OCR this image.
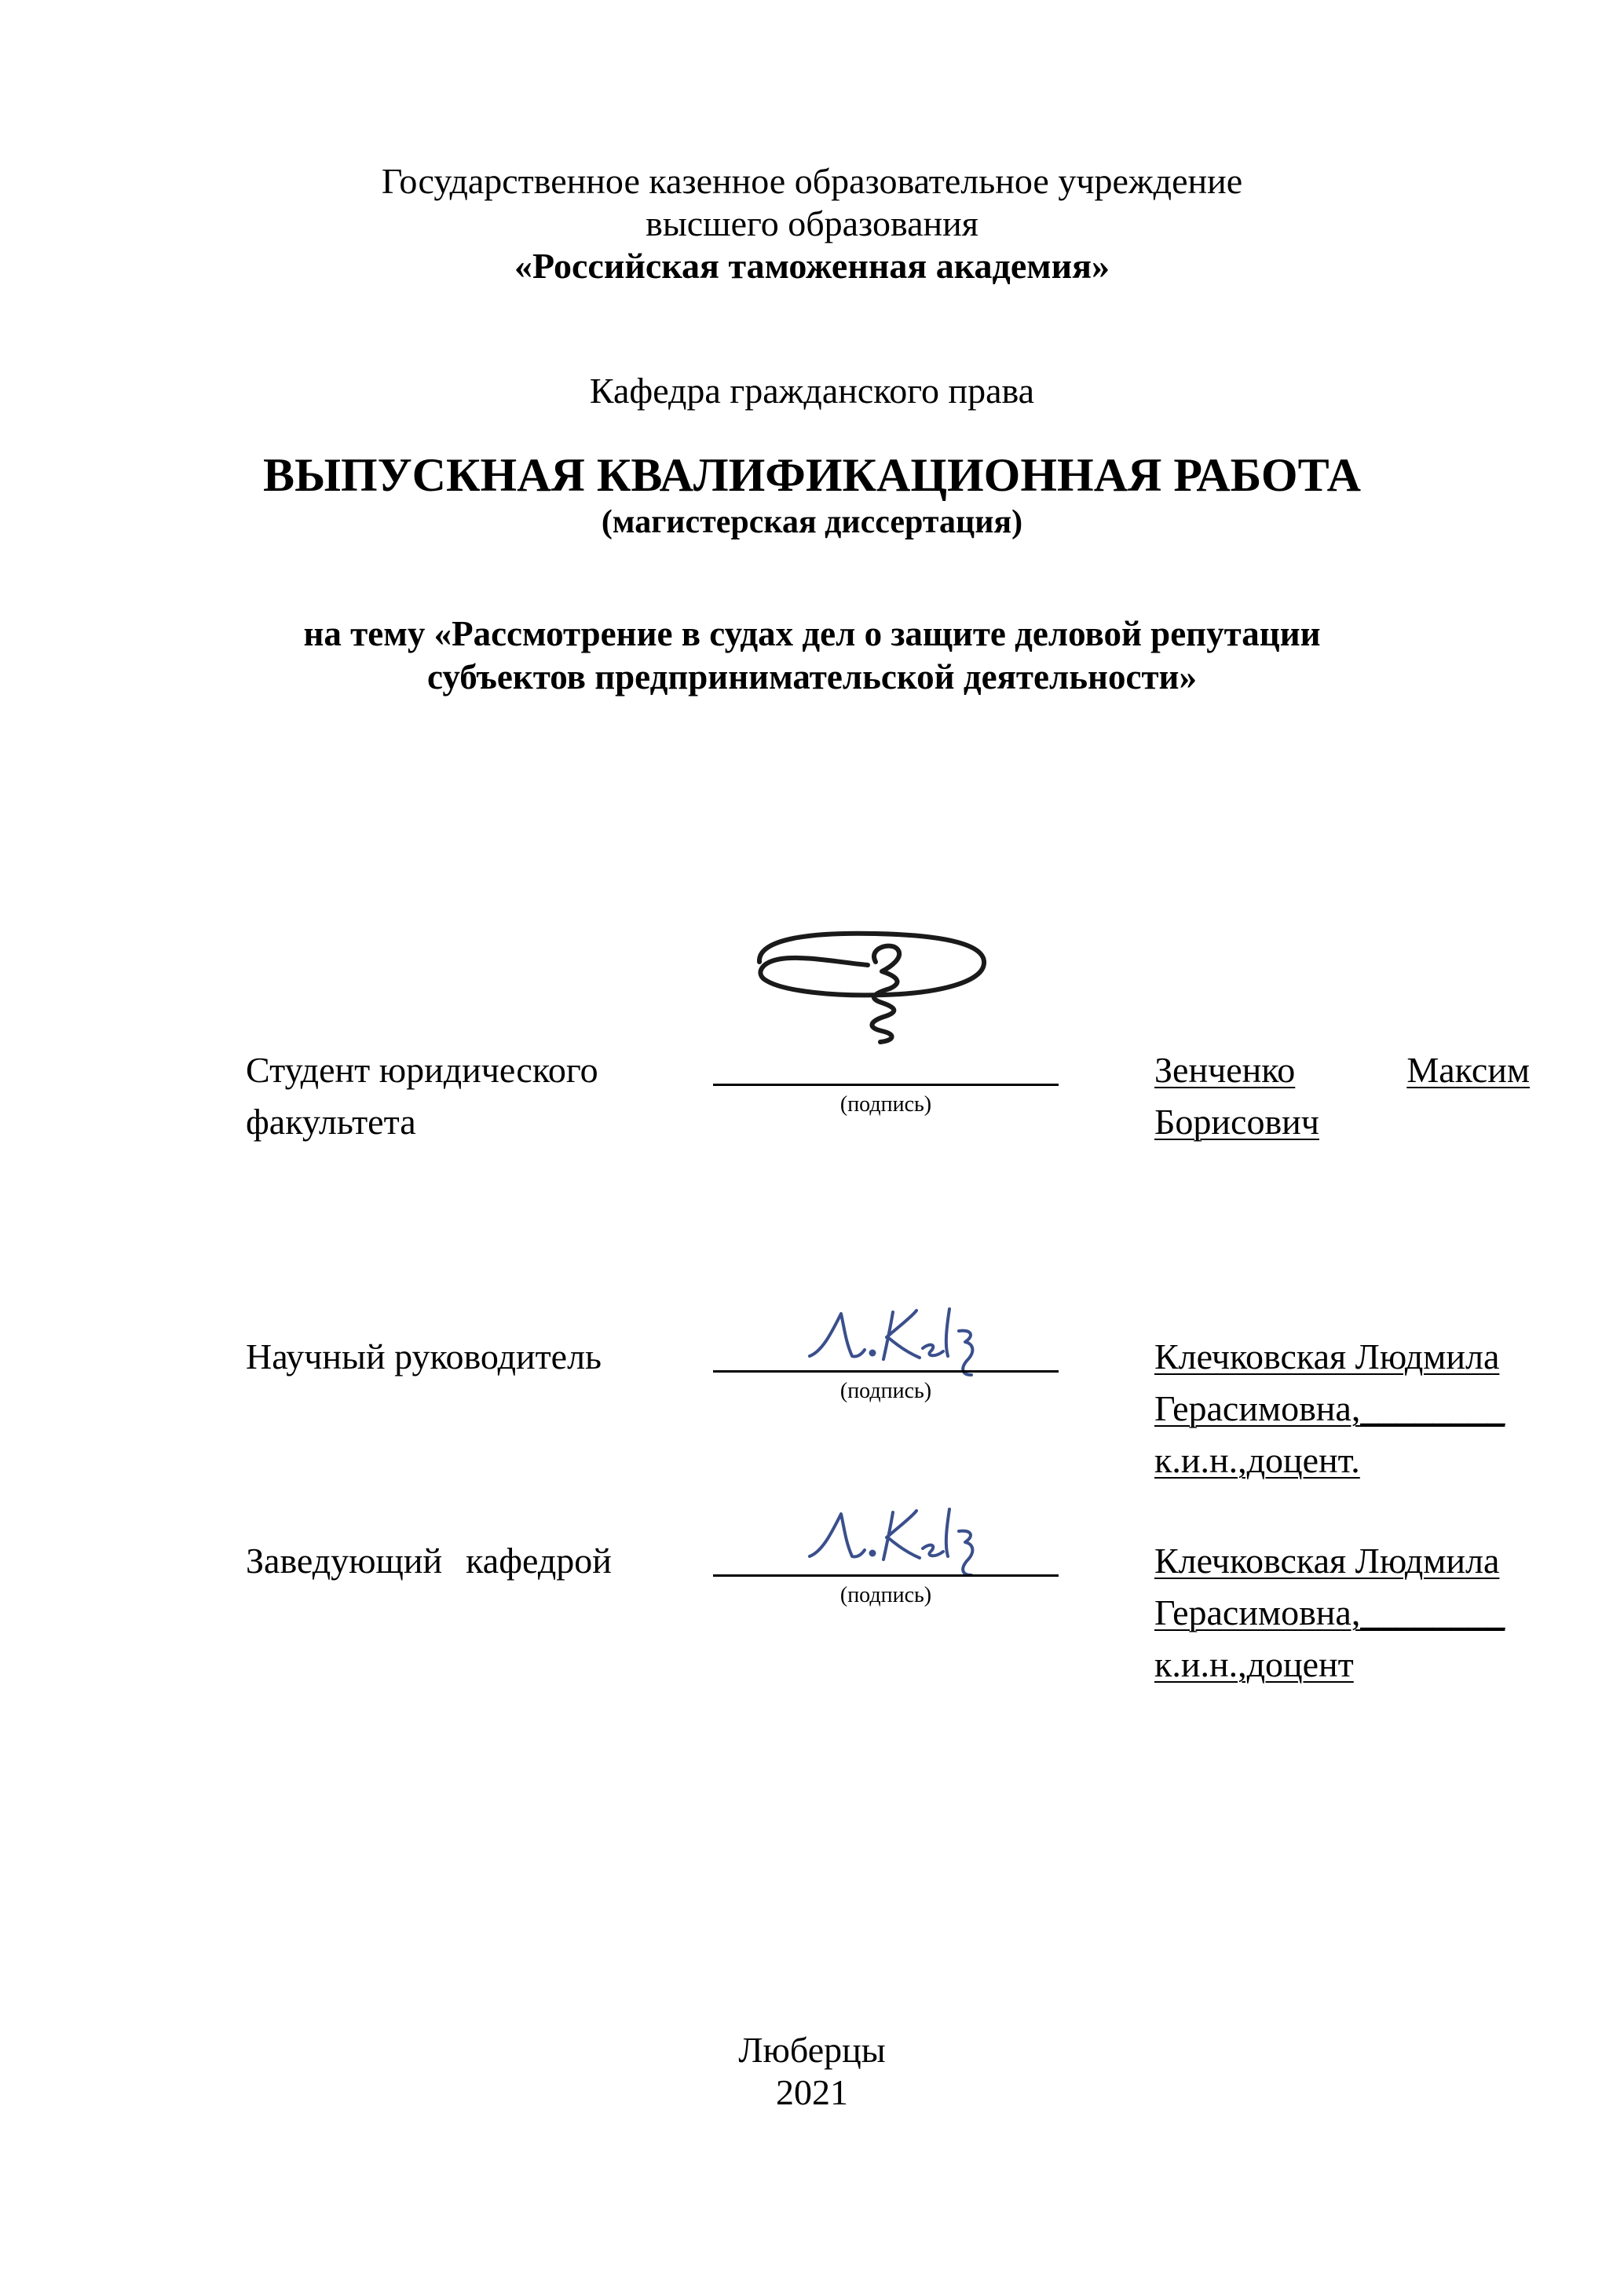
Государственное казенное образовательное учреждение
высшего образования
«Российская таможенная академия»
Кафедра гражданского права
ВЫПУСКНАЯ КВАЛИФИКАЦИОННАЯ РАБОТА
(магистерская диссертация)
на тему «Рассмотрение в судах дел о защите деловой репутации
субъектов предпринимательской деятельности»
Студент юридического
факультета	(подпись)
Зенченко	Максим
Борисович
Научный руководитель
(подпись)
Клечковская Людмила
Герасимовна,________
к.и.н.,доцент.
Заведующий кафедрой
(подпись)
Клечковская Людмила
Герасимовна,________
к.и.н.,доцент
Люберцы
2021
